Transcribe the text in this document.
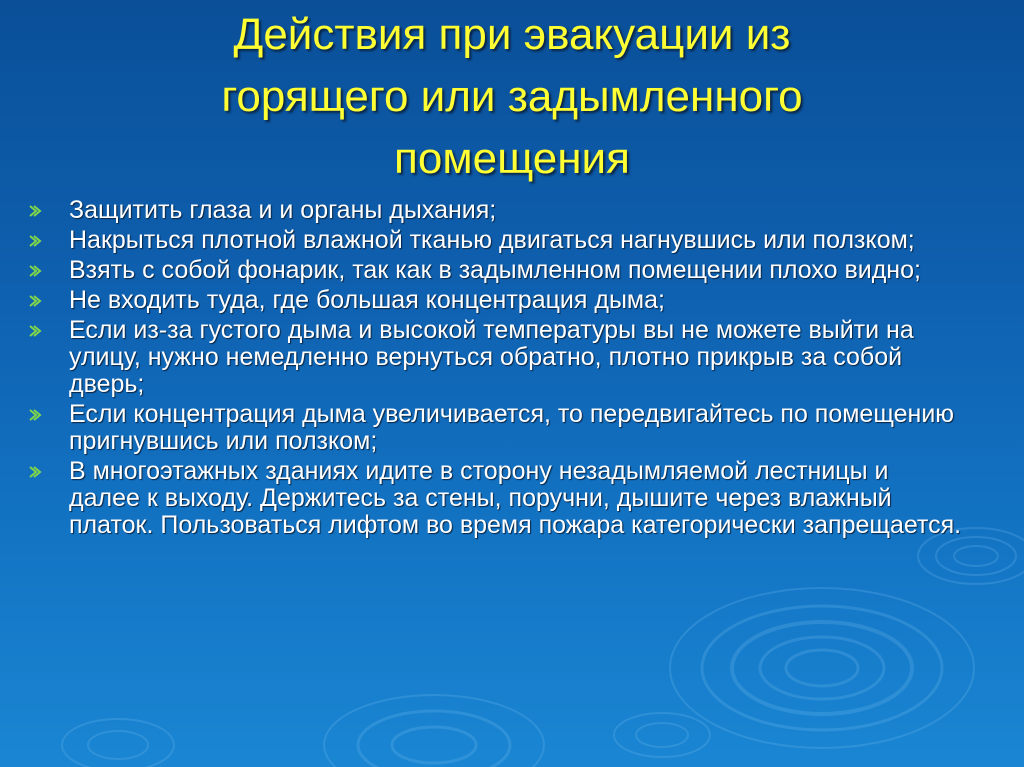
Действия при эвакуации из
горящего или задымленного
помещения
Защитить глаза и и органы дыхания;
Накрыться плотной влажной тканью двигаться нагнувшись или ползком;
Взять с собой фонарик, так как в задымленном помещении плохо видно;
Не входить туда, где большая концентрация дыма;
Если из-за густого дыма и высокой температуры вы не можете выйти на улицу, нужно немедленно вернуться обратно, плотно прикрыв за собой дверь;
Если концентрация дыма увеличивается, то передвигайтесь по помещению пригнувшись или ползком;
В многоэтажных зданиях идите в сторону незадымляемой лестницы и далее к выходу. Держитесь за стены, поручни, дышите через влажный платок. Пользоваться лифтом во время пожара категорически запрещается.
